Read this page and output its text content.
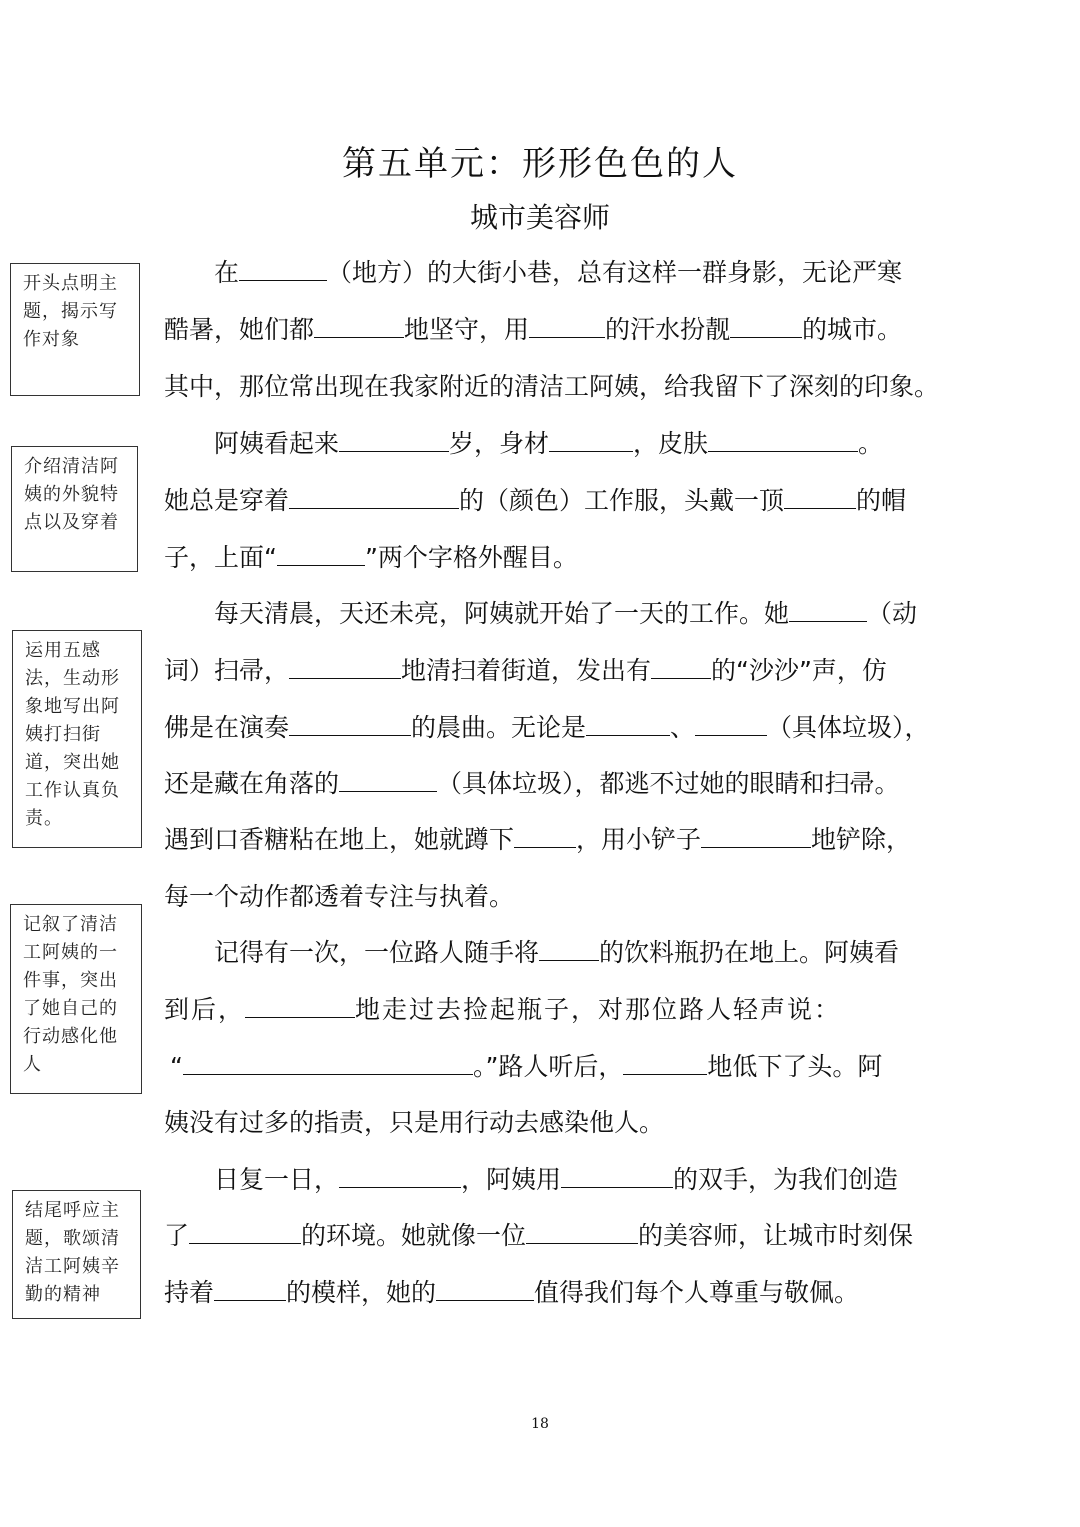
第五单元：形形色色的人
城市美容师
开头点明主题，揭示写作对象
介绍清洁阿姨的外貌特点以及穿着
运用五感法，生动形象地写出阿姨打扫街道，突出她工作认真负责。
记叙了清洁工阿姨的一件事，突出了她自己的行动感化他人
结尾呼应主题，歌颂清洁工阿姨辛勤的精神
　　在	（地方）的大街小巷，总有这样一群身影，无论严寒
酷暑，她们都	地坚守，用	的汗水扮靓	的城市。
其中，那位常出现在我家附近的清洁工阿姨，给我留下了深刻的印象。
　　阿姨看起来	岁，身材	，皮肤	。
她总是穿着	的（颜色）工作服，头戴一顶	的帽
子，上面“	”两个字格外醒目。
　　每天清晨，天还未亮，阿姨就开始了一天的工作。她	（动
词）扫帚，	地清扫着街道，发出有 的“沙沙”声，仿
佛是在演奏	的晨曲。无论是	、	（具体垃圾），
还是藏在角落的	（具体垃圾），都逃不过她的眼睛和扫帚。
遇到口香糖粘在地上，她就蹲下 ，用小铲子	地铲除，
每一个动作都透着专注与执着。
　　记得有一次，一位路人随手将 的饮料瓶扔在地上。阿姨看
到后，	地走过去捡起瓶子，对那位路人轻声说：
“	。”路人听后，	地低下了头。阿
姨没有过多的指责，只是用行动去感染他人。
　　日复一日，	，阿姨用	的双手，为我们创造
了	的环境。她就像一位	的美容师，让城市时刻保
持着	的模样，她的	值得我们每个人尊重与敬佩。
18
